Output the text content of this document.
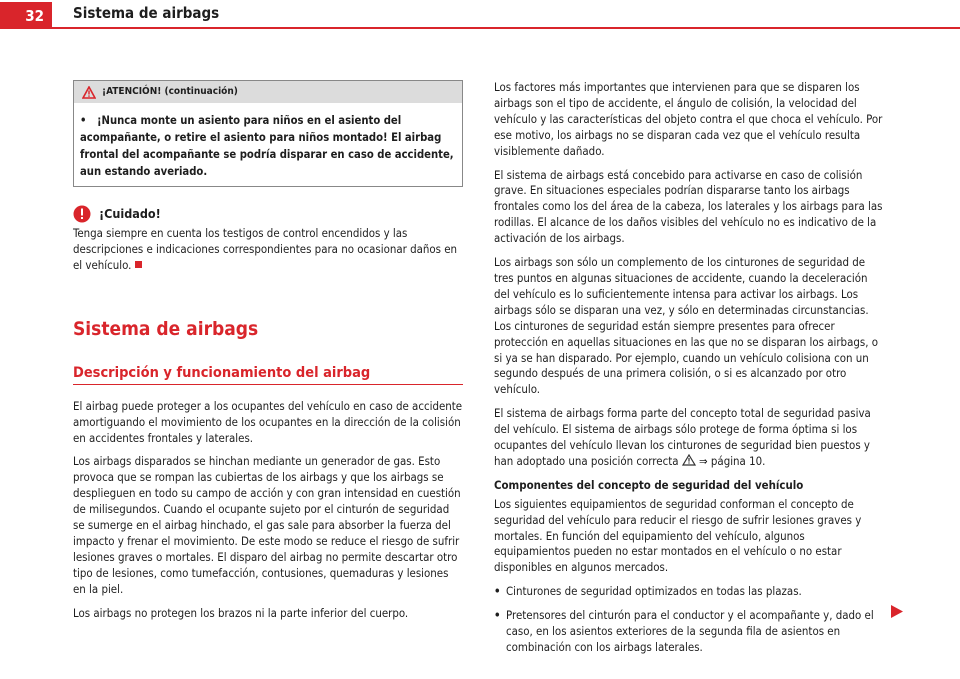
32	Sistema de airbags
¡ATENCIÓN! (continuación)
• ¡Nunca monte un asiento para niños en el asiento del acompañante, o retire el asiento para niños montado! El airbag frontal del acompañante se podría disparar en caso de accidente, aun estando averiado.
¡Cuidado!

Tenga siempre en cuenta los testigos de control encendidos y las descripciones e indicaciones correspondientes para no ocasionar daños en el vehículo.

Sistema de airbags
Descripción y funcionamiento del airbag

El airbag puede proteger a los ocupantes del vehículo en caso de accidente amortiguando el movimiento de los ocupantes en la dirección de la colisión en accidentes frontales y laterales.

Los airbags disparados se hinchan mediante un generador de gas. Esto provoca que se rompan las cubiertas de los airbags y que los airbags se desplieguen en todo su campo de acción y con gran intensidad en cuestión de milisegundos. Cuando el ocupante sujeto por el cinturón de seguridad se sumerge en el airbag hinchado, el gas sale para absorber la fuerza del impacto y frenar el movimiento. De este modo se reduce el riesgo de sufrir lesiones graves o mortales. El disparo del airbag no permite descartar otro tipo de lesiones, como tumefacción, contusiones, quemaduras y lesiones en la piel.

Los airbags no protegen los brazos ni la parte inferior del cuerpo.

Los factores más importantes que intervienen para que se disparen los airbags son el tipo de accidente, el ángulo de colisión, la velocidad del vehículo y las características del objeto contra el que choca el vehículo. Por ese motivo, los airbags no se disparan cada vez que el vehículo resulta visiblemente dañado.

El sistema de airbags está concebido para activarse en caso de colisión grave. En situaciones especiales podrían dispararse tanto los airbags frontales como los del área de la cabeza, los laterales y los airbags para las rodillas. El alcance de los daños visibles del vehículo no es indicativo de la activación de los airbags.

Los airbags son sólo un complemento de los cinturones de seguridad de tres puntos en algunas situaciones de accidente, cuando la deceleración del vehículo es lo suficientemente intensa para activar los airbags. Los airbags sólo se disparan una vez, y sólo en determinadas circunstancias. Los cinturones de seguridad están siempre presentes para ofrecer protección en aquellas situaciones en las que no se disparan los airbags, o si ya se han disparado. Por ejemplo, cuando un vehículo colisiona con un segundo después de una primera colisión, o si es alcanzado por otro vehículo.

El sistema de airbags forma parte del concepto total de seguridad pasiva del vehículo. El sistema de airbags sólo protege de forma óptima si los ocupantes del vehículo llevan los cinturones de seguridad bien puestos y han adoptado una posición correcta ⇒ página 10.

Componentes del concepto de seguridad del vehículo

Los siguientes equipamientos de seguridad conforman el concepto de seguridad del vehículo para reducir el riesgo de sufrir lesiones graves y mortales. En función del equipamiento del vehículo, algunos equipamientos pueden no estar montados en el vehículo o no estar disponibles en algunos mercados.

• Cinturones de seguridad optimizados en todas las plazas.
• Pretensores del cinturón para el conductor y el acompañante y, dado el caso, en los asientos exteriores de la segunda fila de asientos en combinación con los airbags laterales.
